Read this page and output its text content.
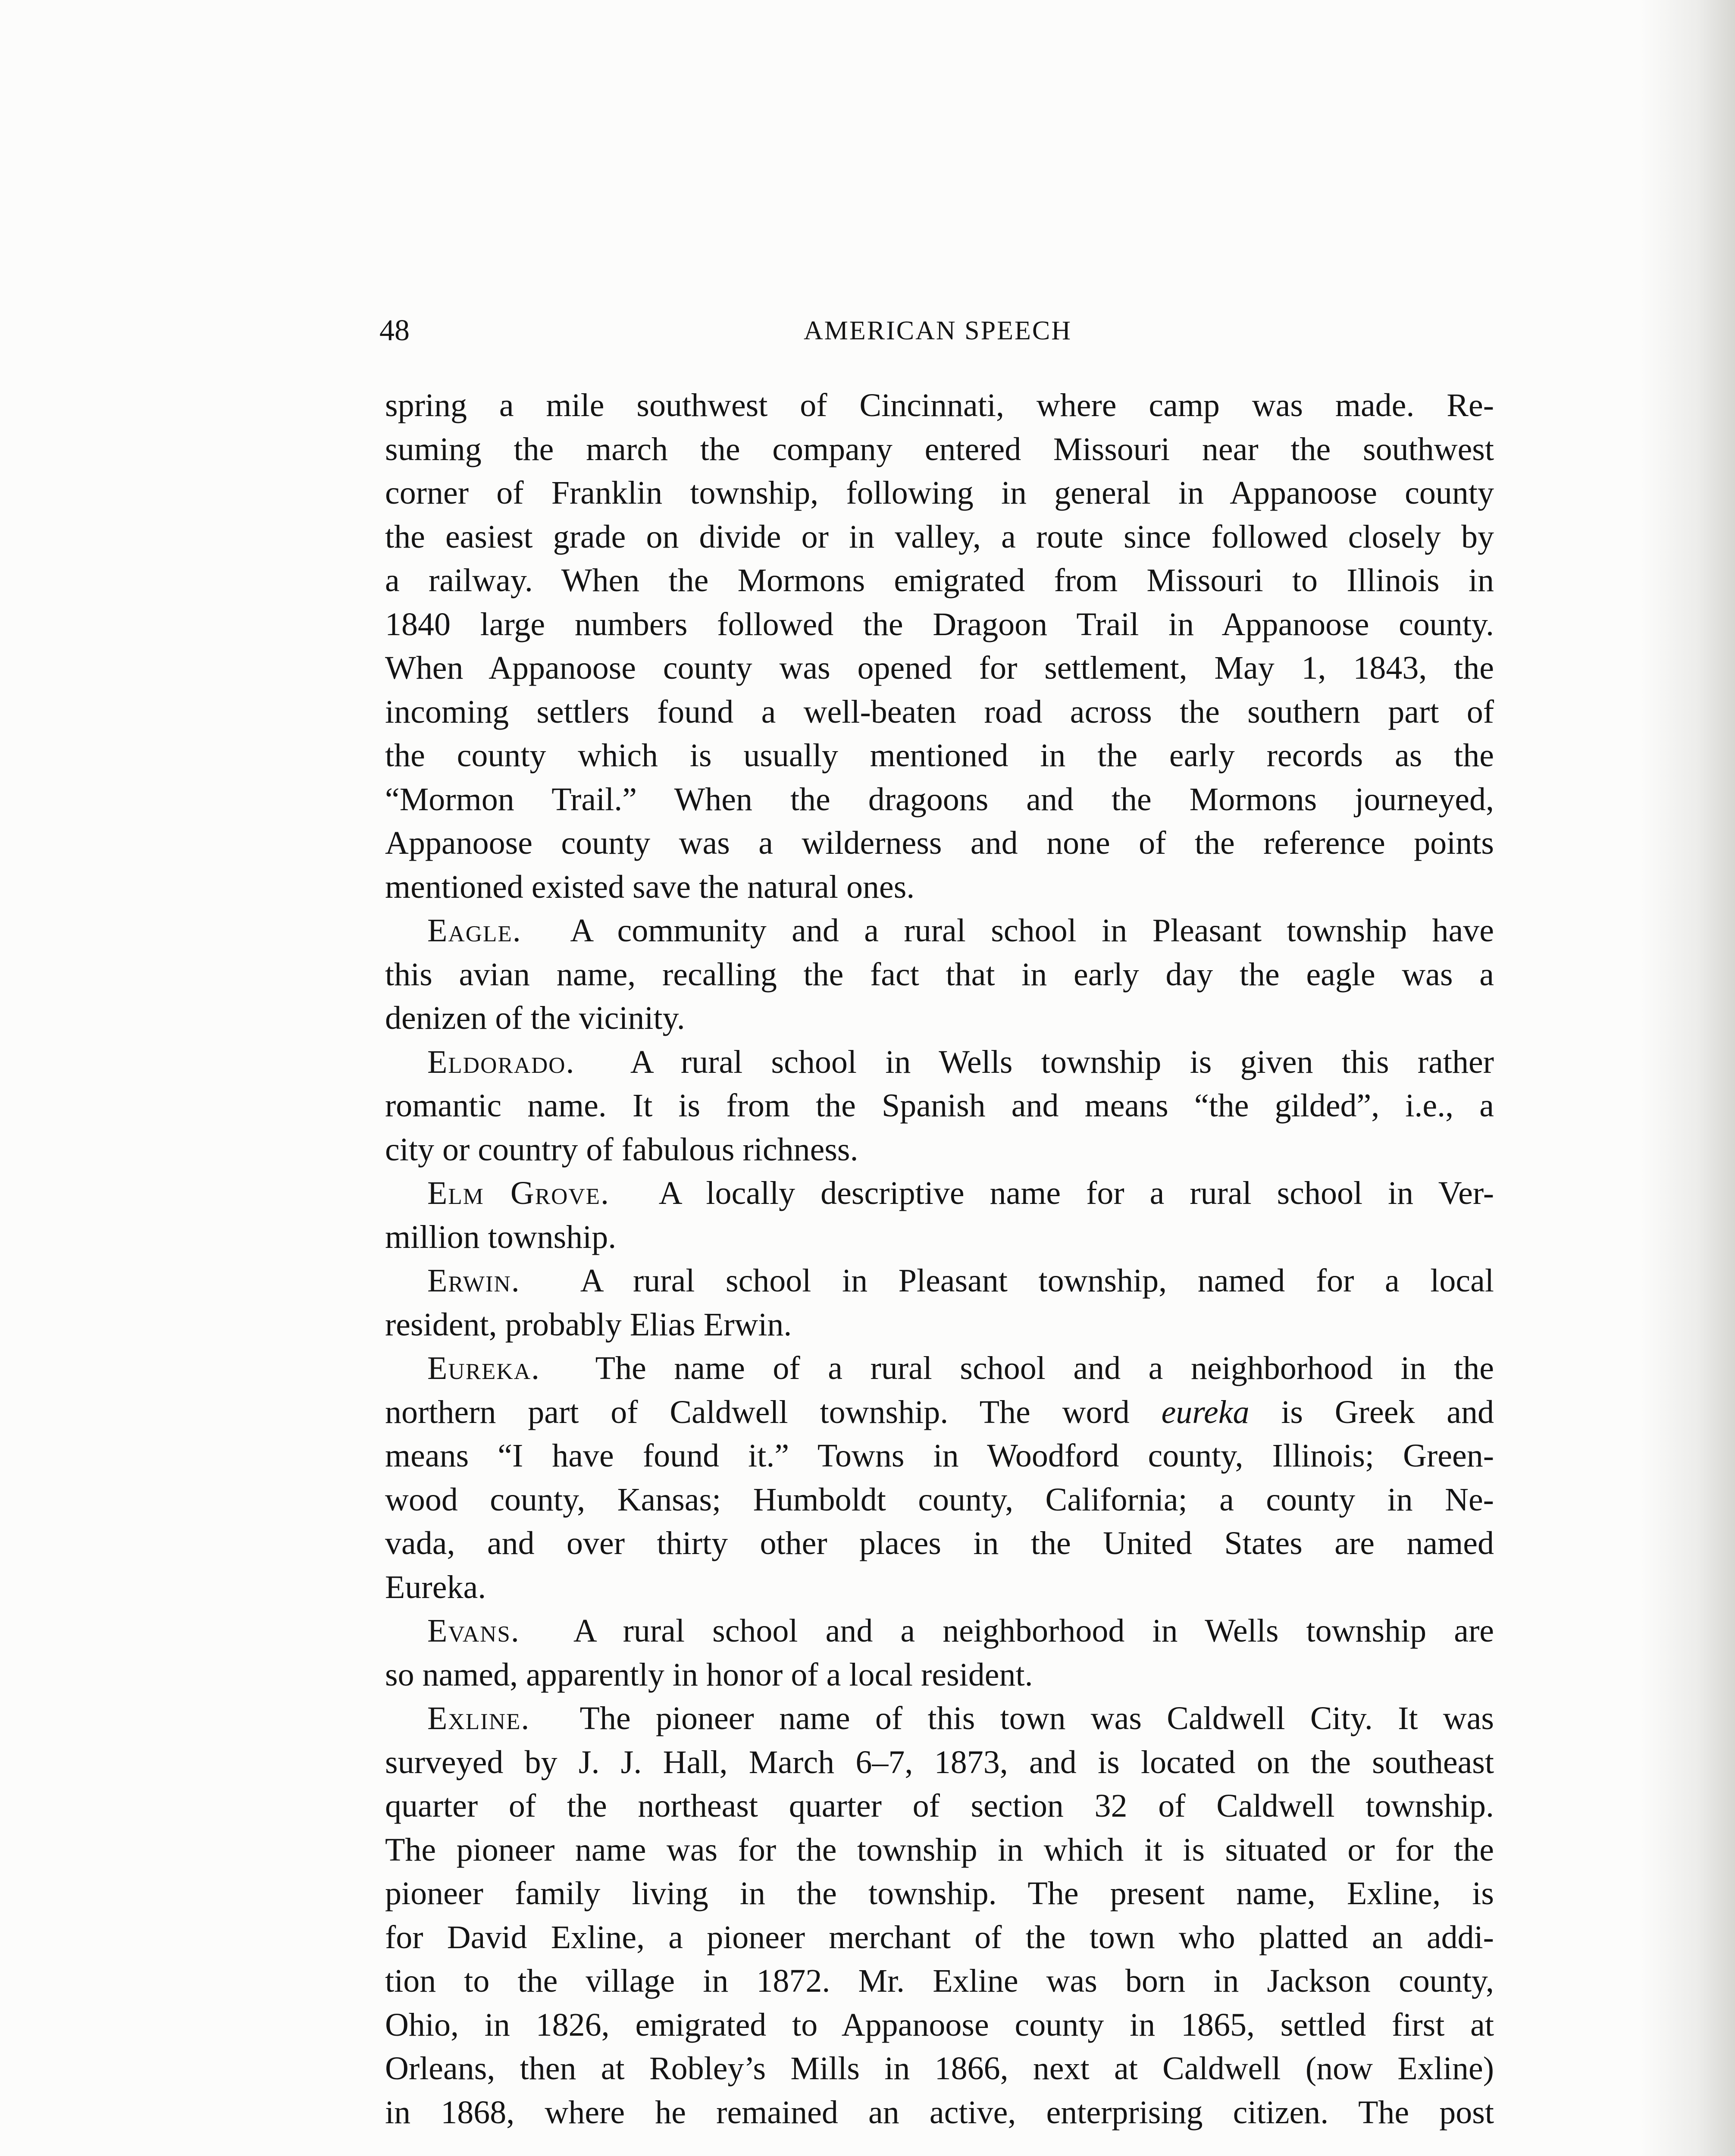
48	AMERICAN SPEECH

spring a mile southwest of Cincinnati, where camp was made. Re-

suming the march the company entered Missouri near the southwest

corner of Franklin township, following in general in Appanoose county

the easiest grade on divide or in valley, a route since followed closely by

a railway. When the Mormons emigrated from Missouri to Illinois in

1840 large numbers followed the Dragoon Trail in Appanoose county.

When Appanoose county was opened for settlement, May 1, 1843, the

incoming settlers found a well-beaten road across the southern part of

the county which is usually mentioned in the early records as the

“Mormon Trail.” When the dragoons and the Mormons journeyed,

Appanoose county was a wilderness and none of the reference points

mentioned existed save the natural ones.

Eagle. A community and a rural school in Pleasant township have

this avian name, recalling the fact that in early day the eagle was a

denizen of the vicinity.

Eldorado. A rural school in Wells township is given this rather

romantic name. It is from the Spanish and means “the gilded”, i.e., a

city or country of fabulous richness.

Elm Grove. A locally descriptive name for a rural school in Ver-

million township.

Erwin. A rural school in Pleasant township, named for a local

resident, probably Elias Erwin.

Eureka. The name of a rural school and a neighborhood in the

northern part of Caldwell township. The word eureka is Greek and

means “I have found it.” Towns in Woodford county, Illinois; Green-

wood county, Kansas; Humboldt county, California; a county in Ne-

vada, and over thirty other places in the United States are named

Eureka.

Evans. A rural school and a neighborhood in Wells township are

so named, apparently in honor of a local resident.

Exline. The pioneer name of this town was Caldwell City. It was

surveyed by J. J. Hall, March 6–7, 1873, and is located on the southeast

quarter of the northeast quarter of section 32 of Caldwell township.

The pioneer name was for the township in which it is situated or for the

pioneer family living in the township. The present name, Exline, is

for David Exline, a pioneer merchant of the town who platted an addi-

tion to the village in 1872. Mr. Exline was born in Jackson county,

Ohio, in 1826, emigrated to Appanoose county in 1865, settled first at

Orleans, then at Robley’s Mills in 1866, next at Caldwell (now Exline)

in 1868, where he remained an active, enterprising citizen. The post
